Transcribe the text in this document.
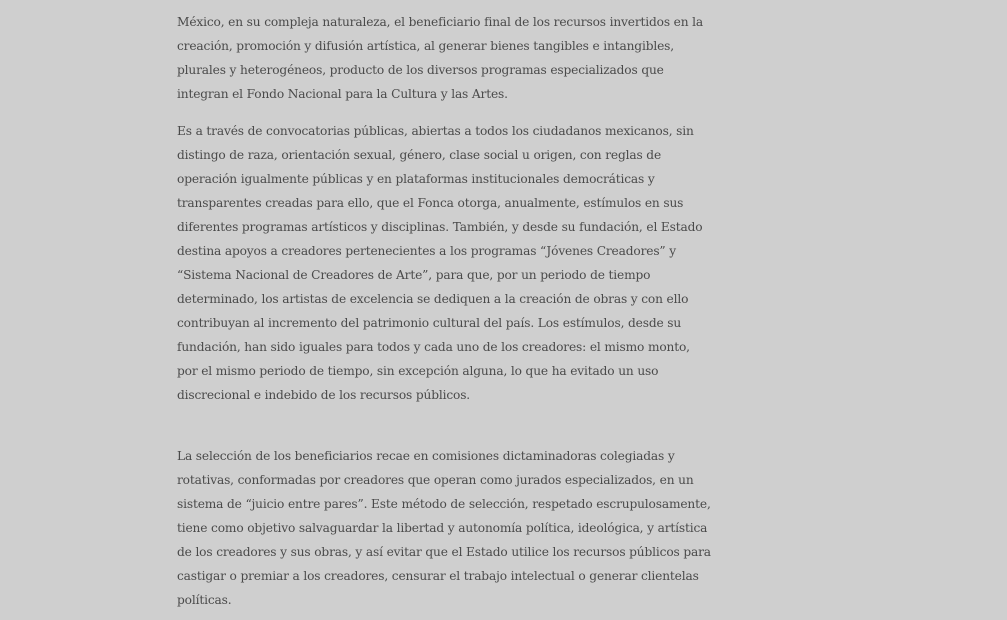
México, en su compleja naturaleza, el beneficiario final de los recursos invertidos en la
creación, promoción y difusión artística, al generar bienes tangibles e intangibles,
plurales y heterogéneos, producto de los diversos programas especializados que
integran el Fondo Nacional para la Cultura y las Artes.

Es a través de convocatorias públicas, abiertas a todos los ciudadanos mexicanos, sin
distingo de raza, orientación sexual, género, clase social u origen, con reglas de
operación igualmente públicas y en plataformas institucionales democráticas y
transparentes creadas para ello, que el Fonca otorga, anualmente, estímulos en sus
diferentes programas artísticos y disciplinas. También, y desde su fundación, el Estado
destina apoyos a creadores pertenecientes a los programas “Jóvenes Creadores” y
“Sistema Nacional de Creadores de Arte”, para que, por un periodo de tiempo
determinado, los artistas de excelencia se dediquen a la creación de obras y con ello
contribuyan al incremento del patrimonio cultural del país. Los estímulos, desde su
fundación, han sido iguales para todos y cada uno de los creadores: el mismo monto,
por el mismo periodo de tiempo, sin excepción alguna, lo que ha evitado un uso
discrecional e indebido de los recursos públicos.

La selección de los beneficiarios recae en comisiones dictaminadoras colegiadas y
rotativas, conformadas por creadores que operan como jurados especializados, en un
sistema de “juicio entre pares”. Este método de selección, respetado escrupulosamente,
tiene como objetivo salvaguardar la libertad y autonomía política, ideológica, y artística
de los creadores y sus obras, y así evitar que el Estado utilice los recursos públicos para
castigar o premiar a los creadores, censurar el trabajo intelectual o generar clientelas
políticas.
